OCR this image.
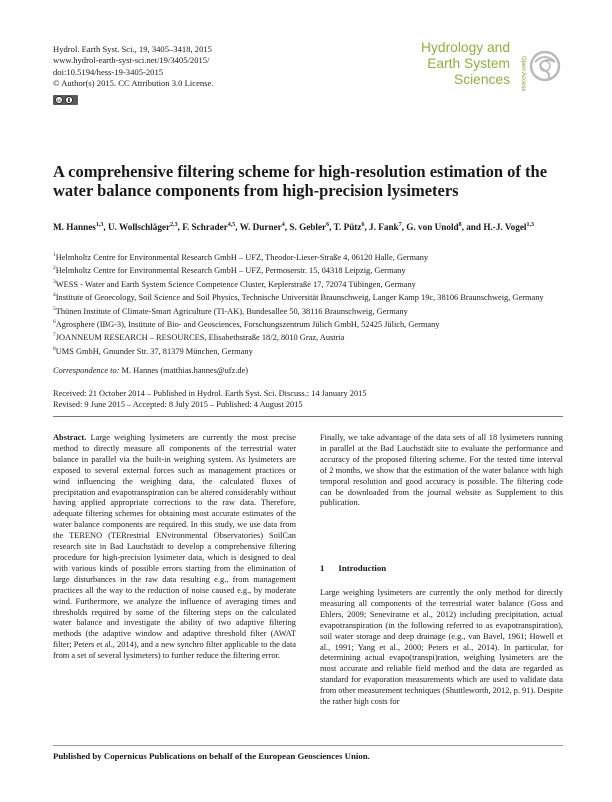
Hydrol. Earth Syst. Sci., 19, 3405–3418, 2015
www.hydrol-earth-syst-sci.net/19/3405/2015/
doi:10.5194/hess-19-3405-2015
© Author(s) 2015. CC Attribution 3.0 License.
cc
Hydrology and
Earth System
Sciences	Open Access
A comprehensive filtering scheme for high-resolution estimation of the water balance components from high-precision lysimeters
M. Hannes$^{1,3}$, U. Wollschläger$^{2,3}$, F. Schrader$^{4,5}$, W. Durner$^4$, S. Gebler$^6$, T. Pütz$^6$, J. Fank$^7$, G. von Unold$^8$, and H.-J. Vogel$^{1,3}$
$^1$Helmholtz Centre for Environmental Research GmbH – UFZ, Theodor-Lieser-Straße 4, 06120 Halle, Germany
$^2$Helmholtz Centre for Environmental Research GmbH – UFZ, Permoserstr. 15, 04318 Leipzig, Germany
$^3$WESS - Water and Earth System Science Competence Cluster, Keplerstraße 17, 72074 Tübingen, Germany
$^4$Institute of Geoecology, Soil Science and Soil Physics, Technische Universität Braunschweig, Langer Kamp 19c, 38106 Braunschweig, Germany
$^5$Thünen Institute of Climate-Smart Agriculture (TI-AK), Bundesallee 50, 38116 Braunschweig, Germany
$^6$Agrosphere (IBG-3), Institute of Bio- and Geosciences, Forschungszentrum Jülich GmbH, 52425 Jülich, Germany
$^7$JOANNEUM RESEARCH – RESOURCES, Elisabethstraße 18/2, 8010 Graz, Austria
$^8$UMS GmbH, Gmunder Str. 37, 81379 München, Germany
Correspondence to: M. Hannes (matthias.hannes@ufz.de)
Received: 21 October 2014 – Published in Hydrol. Earth Syst. Sci. Discuss.: 14 January 2015
Revised: 9 June 2015 – Accepted: 8 July 2015 – Published: 4 August 2015

Abstract. Large weighing lysimeters are currently the most precise method to directly measure all components of the terrestrial water balance in parallel via the built-in weighing system. As lysimeters are exposed to several external forces such as management practices or wind influencing the weighing data, the calculated fluxes of precipitation and evapotranspiration can be altered considerably without having applied appropriate corrections to the raw data. Therefore, adequate filtering schemes for obtaining most accurate estimates of the water balance components are required. In this study, we use data from the TERENO (TERrestrial ENvironmental Observatories) SoilCan research site in Bad Lauchstädt to develop a comprehensive filtering procedure for high-precision lysimeter data, which is designed to deal with various kinds of possible errors starting from the elimination of large disturbances in the raw data resulting e.g., from management practices all the way to the reduction of noise caused e.g., by moderate wind. Furthermore, we analyze the influence of averaging times and thresholds required by some of the filtering steps on the calculated water balance and investigate the ability of two adaptive filtering methods (the adaptive window and adaptive threshold filter (AWAT filter; Peters et al., 2014), and a new synchro filter applicable to the data from a set of several lysimeters) to further reduce the filtering error.

Finally, we take advantage of the data sets of all 18 lysimeters running in parallel at the Bad Lauchstädt site to evaluate the performance and accuracy of the proposed filtering scheme. For the tested time interval of 2 months, we show that the estimation of the water balance with high temporal resolution and good accuracy is possible. The filtering code can be downloaded from the journal website as Supplement to this publication.

1 Introduction

Large weighing lysimeters are currently the only method for directly measuring all components of the terrestrial water balance (Goss and Ehlers, 2009; Seneviratne et al., 2012) including precipitation, actual evapotranspiration (in the following referred to as evapotranspiration), soil water storage and deep drainage (e.g., van Bavel, 1961; Howell et al., 1991; Yang et al., 2000; Peters et al., 2014). In particular, for determining actual evapo(transpi)ration, weighing lysimeters are the most accurate and reliable field method and the data are regarded as standard for evaporation measurements which are used to validate data from other measurement techniques (Shuttleworth, 2012, p. 91). Despite the rather high costs for

Published by Copernicus Publications on behalf of the European Geosciences Union.
